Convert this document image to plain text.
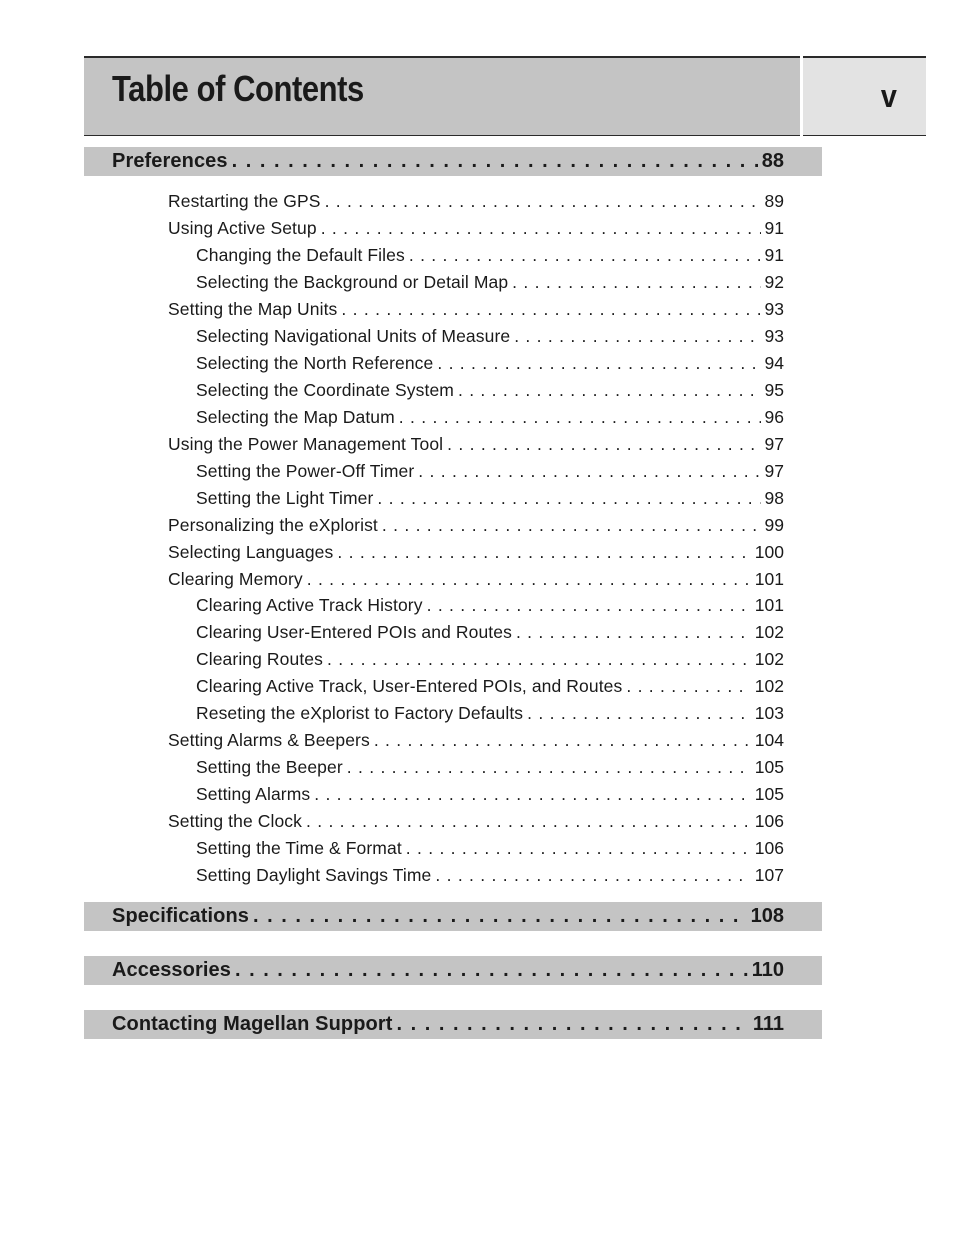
Table of Contents	v
Preferences . . .	88
Restarting the GPS . . .	89
Using Active Setup . . .	91
Changing the Default Files . . .	91
Selecting the Background or Detail Map . . .	92
Setting the Map Units . . .	93
Selecting Navigational Units of Measure . . .	93
Selecting the North Reference . . .	94
Selecting the Coordinate System . . .	95
Selecting the Map Datum . . .	96
Using the Power Management Tool . . .	97
Setting the Power-Off Timer . . .	97
Setting the Light Timer . . .	98
Personalizing the eXplorist . . .	99
Selecting Languages . . .	100
Clearing Memory . . .	101
Clearing Active Track History . . .	101
Clearing User-Entered POIs and Routes . . .	102
Clearing Routes . . .	102
Clearing Active Track, User-Entered POIs, and Routes . . .	102
Reseting the eXplorist to Factory Defaults . . .	103
Setting Alarms & Beepers . . .	104
Setting the Beeper . . .	105
Setting Alarms . . .	105
Setting the Clock . . .	106
Setting the Time & Format . . .	106
Setting Daylight Savings Time . . .	107
Specifications . . .	108
Accessories . . .	110
Contacting Magellan Support . . .	111
